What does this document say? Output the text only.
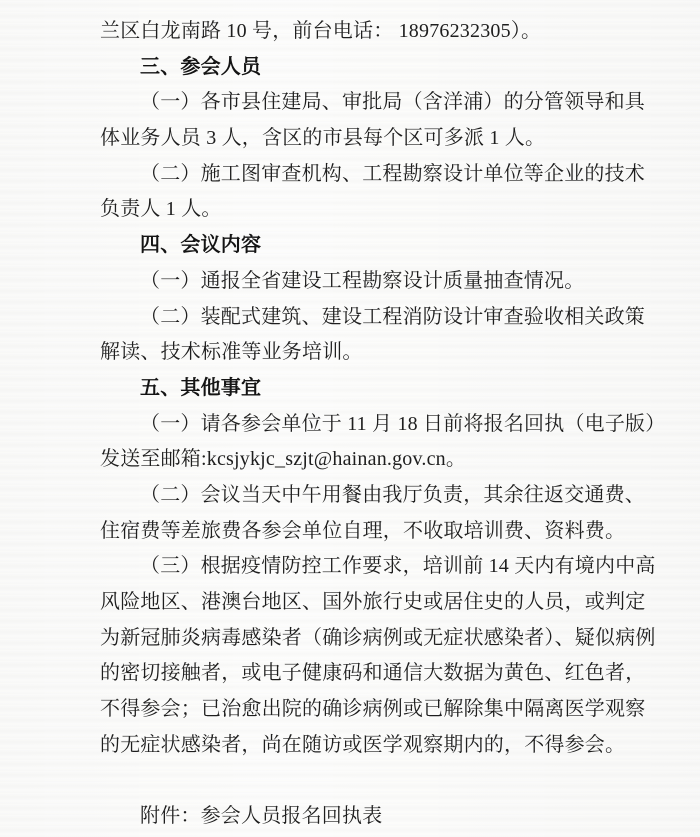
兰区白龙南路 10 号，前台电话： 18976232305）。
三、参会人员
（一）各市县住建局、审批局（含洋浦）的分管领导和具
体业务人员 3 人，含区的市县每个区可多派 1 人。
（二）施工图审查机构、工程勘察设计单位等企业的技术
负责人 1 人。
四、会议内容
（一）通报全省建设工程勘察设计质量抽查情况。
（二）装配式建筑、建设工程消防设计审查验收相关政策
解读、技术标准等业务培训。
五、其他事宜
（一）请各参会单位于 11 月 18 日前将报名回执（电子版）
发送至邮箱:kcsjykjc_szjt@hainan.gov.cn。
（二）会议当天中午用餐由我厅负责，其余往返交通费、
住宿费等差旅费各参会单位自理，不收取培训费、资料费。
（三）根据疫情防控工作要求，培训前 14 天内有境内中高
风险地区、港澳台地区、国外旅行史或居住史的人员，或判定
为新冠肺炎病毒感染者（确诊病例或无症状感染者）、疑似病例
的密切接触者，或电子健康码和通信大数据为黄色、红色者，
不得参会；已治愈出院的确诊病例或已解除集中隔离医学观察
的无症状感染者，尚在随访或医学观察期内的，不得参会。
附件：参会人员报名回执表
